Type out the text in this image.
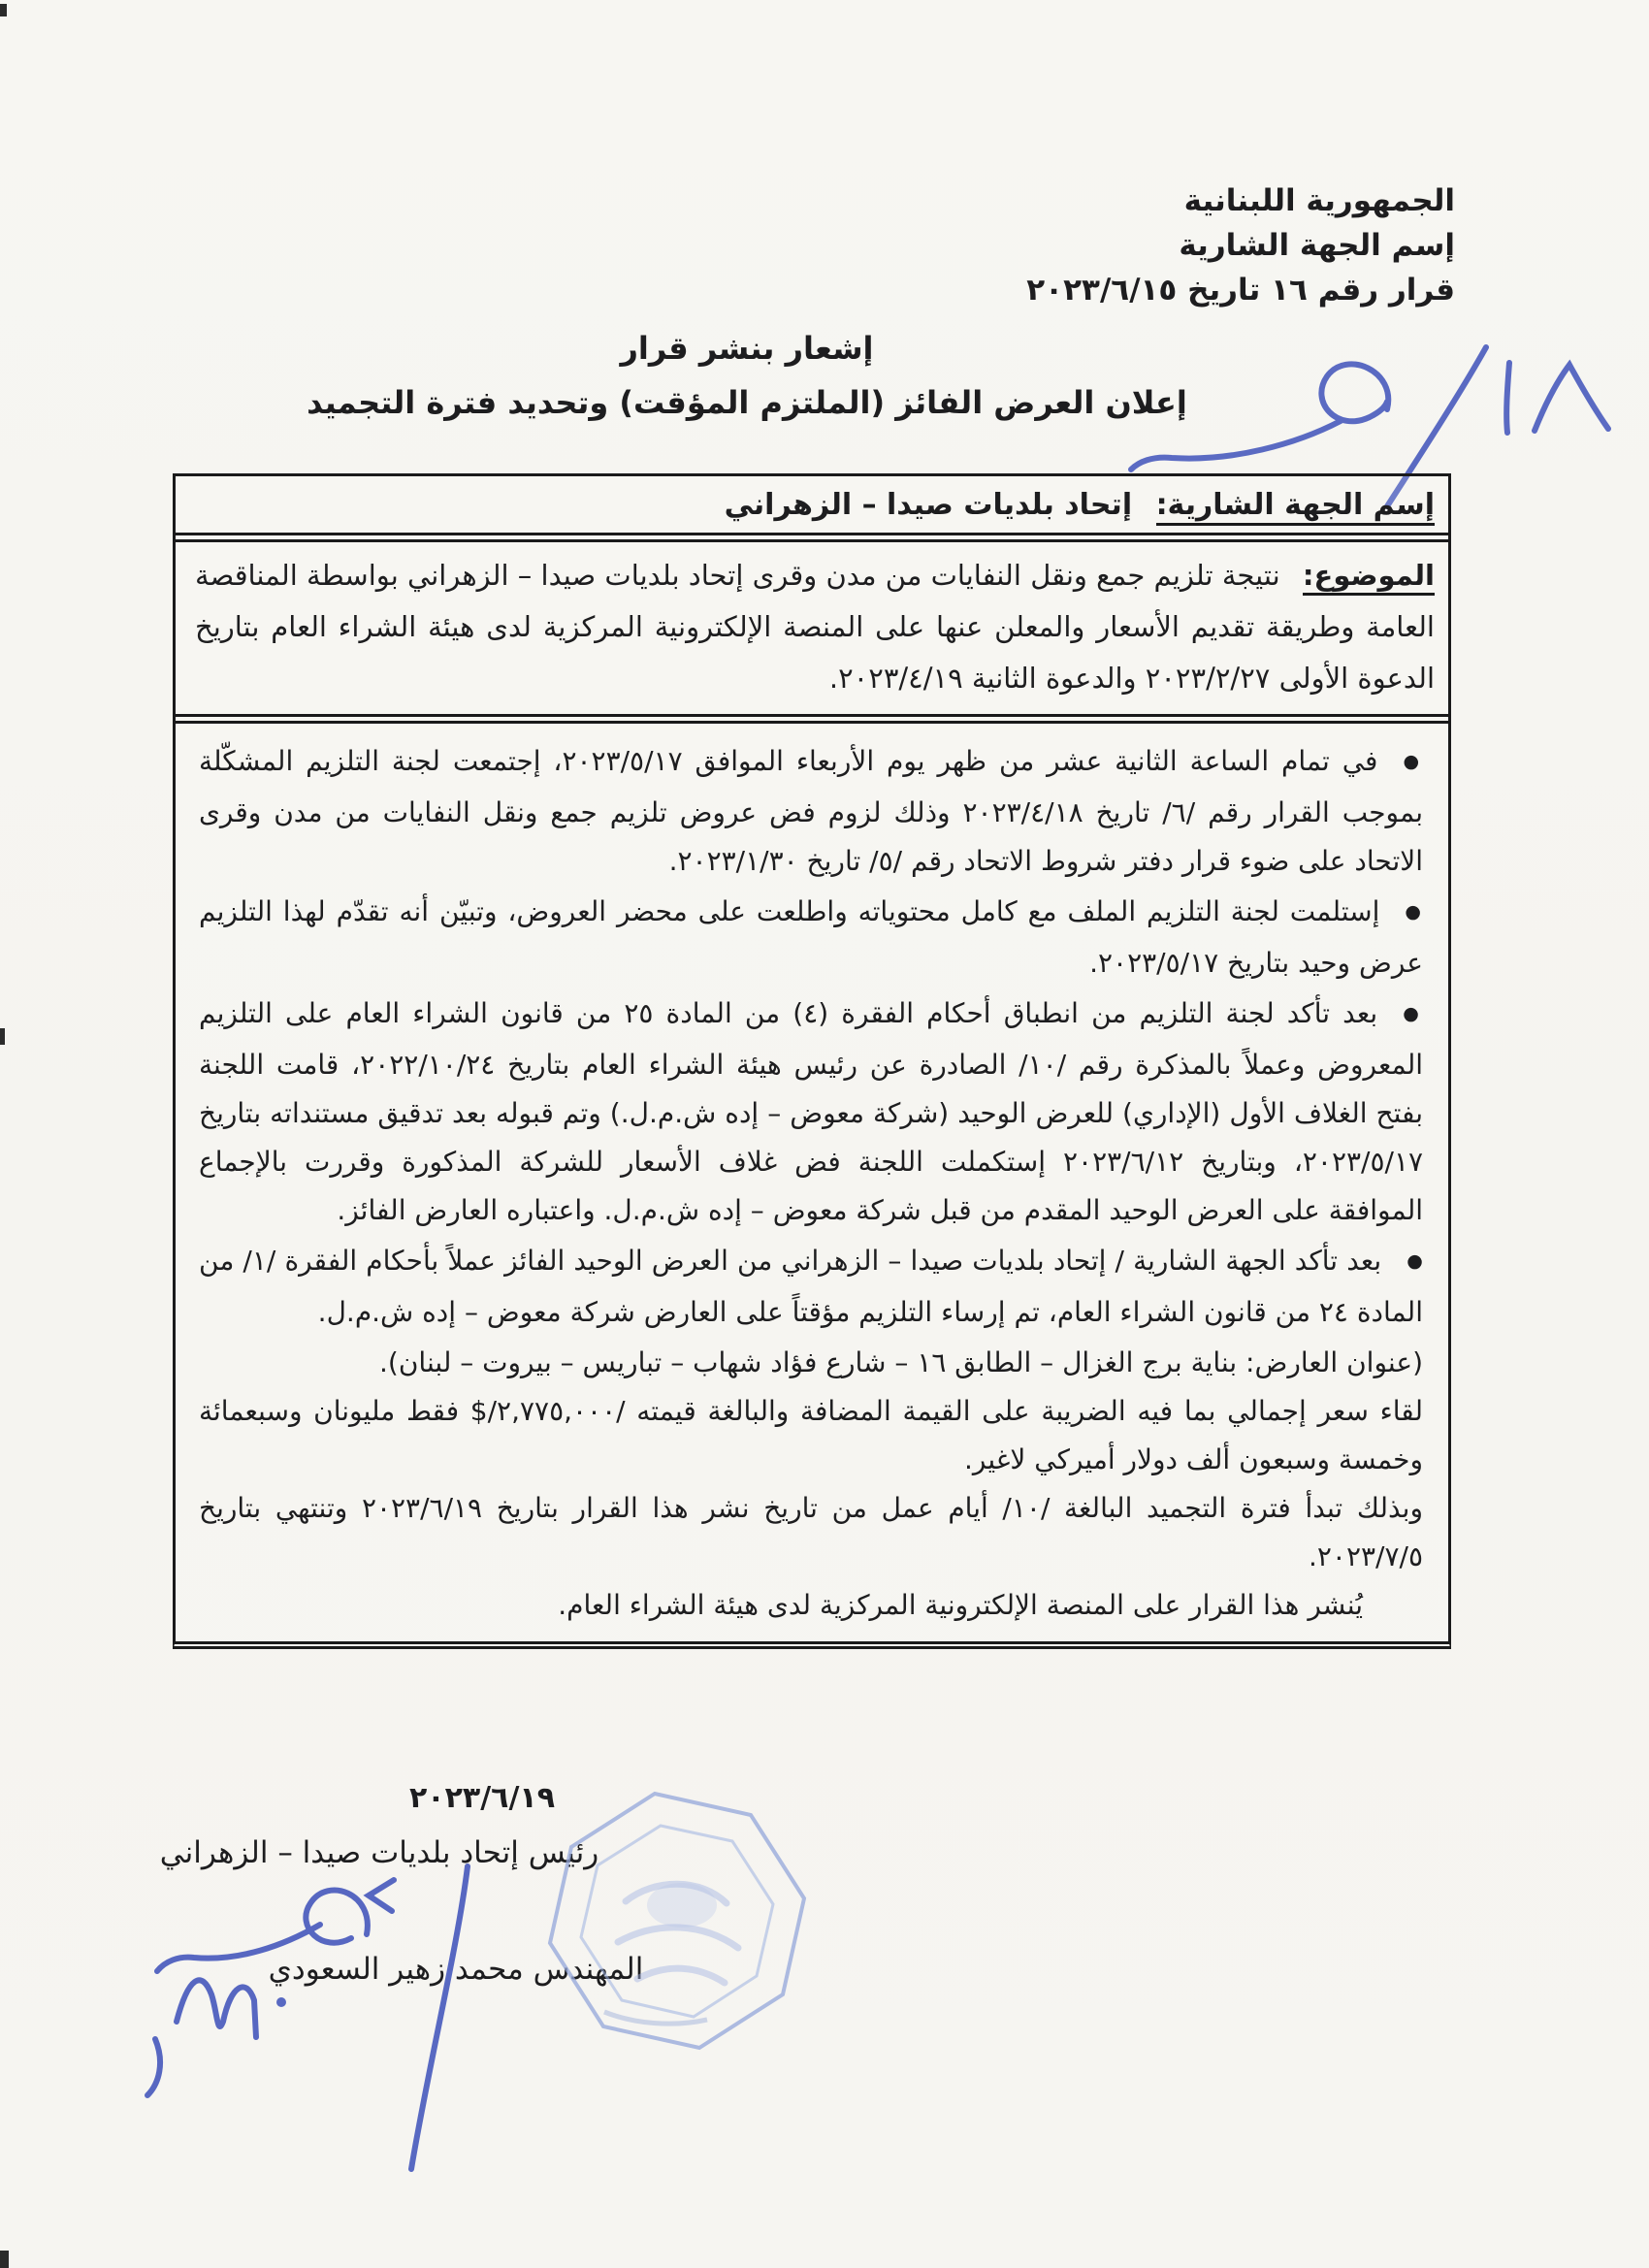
الجمهورية اللبنانية
إسم الجهة الشارية
قرار رقم ١٦ تاريخ ٢٠٢٣/٦/١٥

إشعار بنشر قرار

إعلان العرض الفائز (الملتزم المؤقت) وتحديد فترة التجميد

إسم الجهة الشارية: إتحاد بلديات صيدا – الزهراني
الموضوع: نتيجة تلزيم جمع ونقل النفايات من مدن وقرى إتحاد بلديات صيدا – الزهراني بواسطة المناقصة العامة وطريقة تقديم الأسعار والمعلن عنها على المنصة الإلكترونية المركزية لدى هيئة الشراء العام بتاريخ الدعوة الأولى ٢٠٢٣/٢/٢٧ والدعوة الثانية ٢٠٢٣/٤/١٩.
● في تمام الساعة الثانية عشر من ظهر يوم الأربعاء الموافق ٢٠٢٣/٥/١٧، إجتمعت لجنة التلزيم المشكّلة بموجب القرار رقم /٦/ تاريخ ٢٠٢٣/٤/١٨ وذلك لزوم فض عروض تلزيم جمع ونقل النفايات من مدن وقرى الاتحاد على ضوء قرار دفتر شروط الاتحاد رقم /٥/ تاريخ ٢٠٢٣/١/٣٠.
● إستلمت لجنة التلزيم الملف مع كامل محتوياته واطلعت على محضر العروض، وتبيّن أنه تقدّم لهذا التلزيم عرض وحيد بتاريخ ٢٠٢٣/٥/١٧.
● بعد تأكد لجنة التلزيم من انطباق أحكام الفقرة (٤) من المادة ٢٥ من قانون الشراء العام على التلزيم المعروض وعملاً بالمذكرة رقم /١٠/ الصادرة عن رئيس هيئة الشراء العام بتاريخ ٢٠٢٢/١٠/٢٤، قامت اللجنة بفتح الغلاف الأول (الإداري) للعرض الوحيد (شركة معوض – إده ش.م.ل.) وتم قبوله بعد تدقيق مستنداته بتاريخ ٢٠٢٣/٥/١٧، وبتاريخ ٢٠٢٣/٦/١٢ إستكملت اللجنة فض غلاف الأسعار للشركة المذكورة وقررت بالإجماع الموافقة على العرض الوحيد المقدم من قبل شركة معوض – إده ش.م.ل. واعتباره العارض الفائز.
● بعد تأكد الجهة الشارية / إتحاد بلديات صيدا – الزهراني من العرض الوحيد الفائز عملاً بأحكام الفقرة /١/ من المادة ٢٤ من قانون الشراء العام، تم إرساء التلزيم مؤقتاً على العارض شركة معوض – إده ش.م.ل.

(عنوان العارض: بناية برج الغزال – الطابق ١٦ – شارع فؤاد شهاب – تباريس – بيروت – لبنان).

لقاء سعر إجمالي بما فيه الضريبة على القيمة المضافة والبالغة قيمته /٢,٧٧٥,٠٠٠/$ فقط مليونان وسبعمائة وخمسة وسبعون ألف دولار أميركي لاغير.

وبذلك تبدأ فترة التجميد البالغة /١٠/ أيام عمل من تاريخ نشر هذا القرار بتاريخ ٢٠٢٣/٦/١٩ وتنتهي بتاريخ ٢٠٢٣/٧/٥.

يُنشر هذا القرار على المنصة الإلكترونية المركزية لدى هيئة الشراء العام.

٢٠٢٣/٦/١٩
رئيس إتحاد بلديات صيدا – الزهراني
المهندس محمد زهير السعودي
